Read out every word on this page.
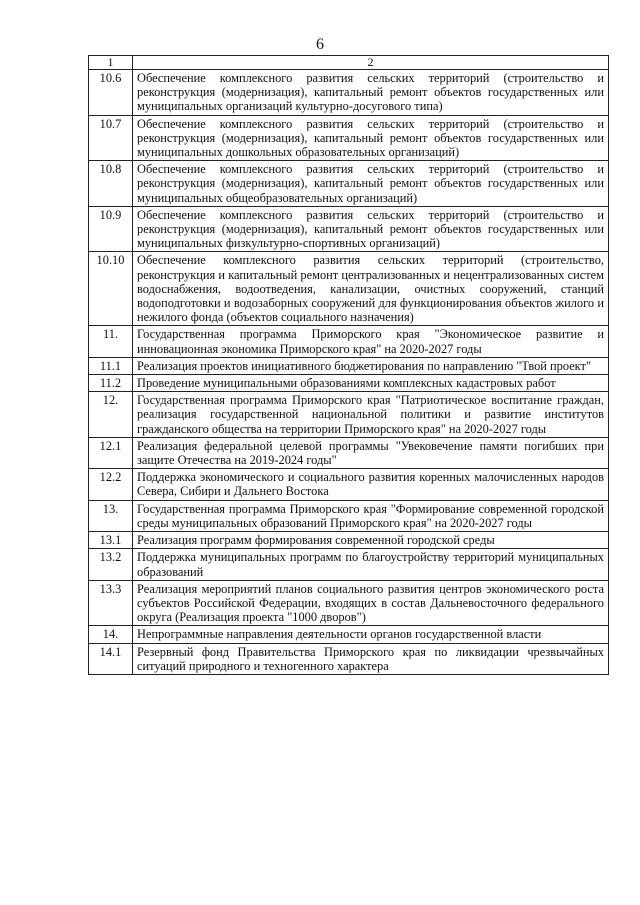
6
1	2
10.6	Обеспечение комплексного развития сельских территорий (строительство и реконструкция (модернизация), капитальный ремонт объектов государственных или муниципальных организаций культурно-досугового типа)
10.7	Обеспечение комплексного развития сельских территорий (строительство и реконструкция (модернизация), капитальный ремонт объектов государственных или муниципальных дошкольных образовательных организаций)
10.8	Обеспечение комплексного развития сельских территорий (строительство и реконструкция (модернизация), капитальный ремонт объектов государственных или муниципальных общеобразовательных организаций)
10.9	Обеспечение комплексного развития сельских территорий (строительство и реконструкция (модернизация), капитальный ремонт объектов государственных или муниципальных физкультурно-спортивных организаций)
10.10	Обеспечение комплексного развития сельских территорий (строительство, реконструкция и капитальный ремонт централизованных и нецентрализованных систем водоснабжения, водоотведения, канализации, очистных сооружений, станций водоподготовки и водозаборных сооружений для функционирования объектов жилого и нежилого фонда (объектов социального назначения)
11.	Государственная программа Приморского края "Экономическое развитие и инновационная экономика Приморского края" на 2020-2027 годы
11.1	Реализация проектов инициативного бюджетирования по направлению "Твой проект"
11.2	Проведение муниципальными образованиями комплексных кадастровых работ
12.	Государственная программа Приморского края "Патриотическое воспитание граждан, реализация государственной национальной политики и развитие институтов гражданского общества на территории Приморского края" на 2020-2027 годы
12.1	Реализация федеральной целевой программы "Увековечение памяти погибших при защите Отечества на 2019-2024 годы"
12.2	Поддержка экономического и социального развития коренных малочисленных народов Севера, Сибири и Дальнего Востока
13.	Государственная программа Приморского края "Формирование современной городской среды муниципальных образований Приморского края" на 2020-2027 годы
13.1	Реализация программ формирования современной городской среды
13.2	Поддержка муниципальных программ по благоустройству территорий муниципальных образований
13.3	Реализация мероприятий планов социального развития центров экономического роста субъектов Российской Федерации, входящих в состав Дальневосточного федерального округа (Реализация проекта "1000 дворов")
14.	Непрограммные направления деятельности органов государственной власти
14.1	Резервный фонд Правительства Приморского края по ликвидации чрезвычайных ситуаций природного и техногенного характера
